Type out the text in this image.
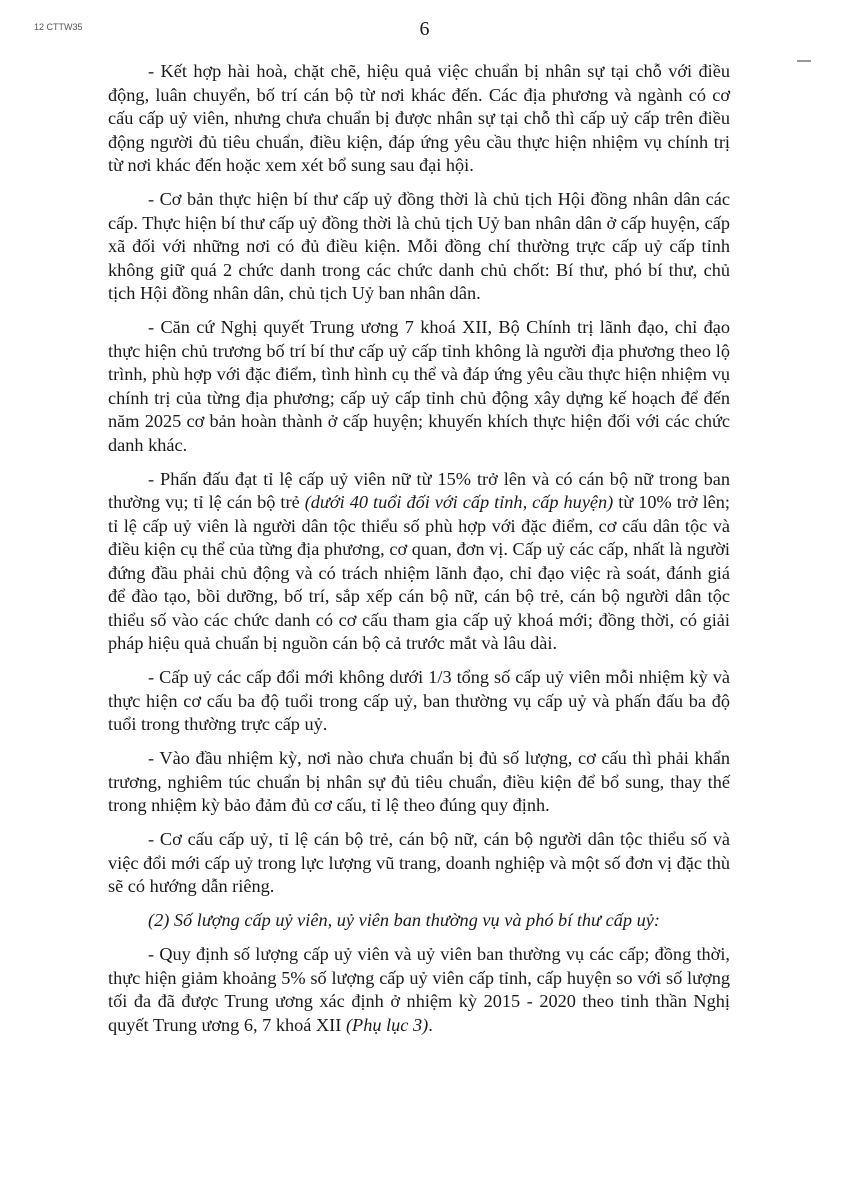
12 CTTW35	6

- Kết hợp hài hoà, chặt chẽ, hiệu quả việc chuẩn bị nhân sự tại chỗ với điều động, luân chuyển, bố trí cán bộ từ nơi khác đến. Các địa phương và ngành có cơ cấu cấp uỷ viên, nhưng chưa chuẩn bị được nhân sự tại chỗ thì cấp uỷ cấp trên điều động người đủ tiêu chuẩn, điều kiện, đáp ứng yêu cầu thực hiện nhiệm vụ chính trị từ nơi khác đến hoặc xem xét bổ sung sau đại hội.

- Cơ bản thực hiện bí thư cấp uỷ đồng thời là chủ tịch Hội đồng nhân dân các cấp. Thực hiện bí thư cấp uỷ đồng thời là chủ tịch Uỷ ban nhân dân ở cấp huyện, cấp xã đối với những nơi có đủ điều kiện. Mỗi đồng chí thường trực cấp uỷ cấp tỉnh không giữ quá 2 chức danh trong các chức danh chủ chốt: Bí thư, phó bí thư, chủ tịch Hội đồng nhân dân, chủ tịch Uỷ ban nhân dân.

- Căn cứ Nghị quyết Trung ương 7 khoá XII, Bộ Chính trị lãnh đạo, chỉ đạo thực hiện chủ trương bố trí bí thư cấp uỷ cấp tỉnh không là người địa phương theo lộ trình, phù hợp với đặc điểm, tình hình cụ thể và đáp ứng yêu cầu thực hiện nhiệm vụ chính trị của từng địa phương; cấp uỷ cấp tỉnh chủ động xây dựng kế hoạch để đến năm 2025 cơ bản hoàn thành ở cấp huyện; khuyến khích thực hiện đối với các chức danh khác.

- Phấn đấu đạt tỉ lệ cấp uỷ viên nữ từ 15% trở lên và có cán bộ nữ trong ban thường vụ; tỉ lệ cán bộ trẻ (dưới 40 tuổi đối với cấp tỉnh, cấp huyện) từ 10% trở lên; tỉ lệ cấp uỷ viên là người dân tộc thiểu số phù hợp với đặc điểm, cơ cấu dân tộc và điều kiện cụ thể của từng địa phương, cơ quan, đơn vị. Cấp uỷ các cấp, nhất là người đứng đầu phải chủ động và có trách nhiệm lãnh đạo, chỉ đạo việc rà soát, đánh giá để đào tạo, bồi dưỡng, bố trí, sắp xếp cán bộ nữ, cán bộ trẻ, cán bộ người dân tộc thiểu số vào các chức danh có cơ cấu tham gia cấp uỷ khoá mới; đồng thời, có giải pháp hiệu quả chuẩn bị nguồn cán bộ cả trước mắt và lâu dài.

- Cấp uỷ các cấp đổi mới không dưới 1/3 tổng số cấp uỷ viên mỗi nhiệm kỳ và thực hiện cơ cấu ba độ tuổi trong cấp uỷ, ban thường vụ cấp uỷ và phấn đấu ba độ tuổi trong thường trực cấp uỷ.

- Vào đầu nhiệm kỳ, nơi nào chưa chuẩn bị đủ số lượng, cơ cấu thì phải khẩn trương, nghiêm túc chuẩn bị nhân sự đủ tiêu chuẩn, điều kiện để bổ sung, thay thế trong nhiệm kỳ bảo đảm đủ cơ cấu, tỉ lệ theo đúng quy định.

- Cơ cấu cấp uỷ, tỉ lệ cán bộ trẻ, cán bộ nữ, cán bộ người dân tộc thiểu số và việc đổi mới cấp uỷ trong lực lượng vũ trang, doanh nghiệp và một số đơn vị đặc thù sẽ có hướng dẫn riêng.

(2) Số lượng cấp uỷ viên, uỷ viên ban thường vụ và phó bí thư cấp uỷ:

- Quy định số lượng cấp uỷ viên và uỷ viên ban thường vụ các cấp; đồng thời, thực hiện giảm khoảng 5% số lượng cấp uỷ viên cấp tỉnh, cấp huyện so với số lượng tối đa đã được Trung ương xác định ở nhiệm kỳ 2015 - 2020 theo tinh thần Nghị quyết Trung ương 6, 7 khoá XII (Phụ lục 3).
